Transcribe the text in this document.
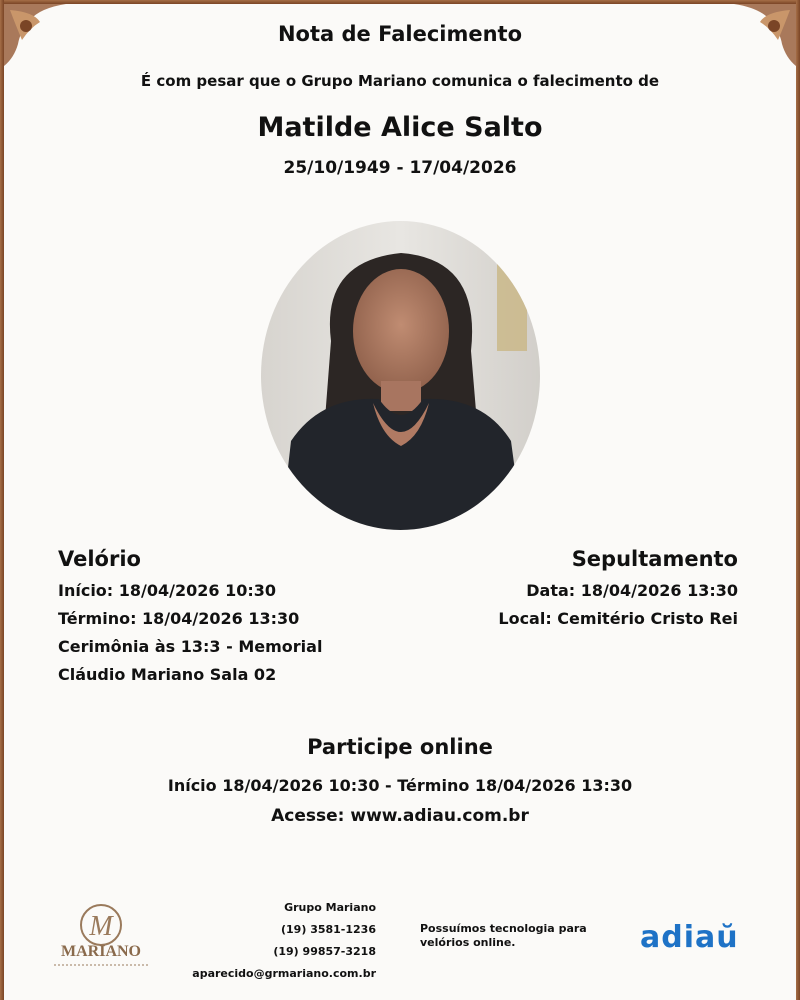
Nota de Falecimento
É com pesar que o Grupo Mariano comunica o falecimento de
Matilde Alice Salto
25/10/1949 - 17/04/2026
Velório
Início: 18/04/2026 10:30
Término: 18/04/2026 13:30
Cerimônia às 13:3 - Memorial
Cláudio Mariano Sala 02
Sepultamento
Data: 18/04/2026 13:30
Local: Cemitério Cristo Rei
Participe online
Início 18/04/2026 10:30 - Término 18/04/2026 13:30
Acesse: www.adiau.com.br
M
MARIANO
Grupo Mariano
(19) 3581-1236
(19) 99857-3218
aparecido@grmariano.com.br
Possuímos tecnologia para
velórios online.	adiaŭ
